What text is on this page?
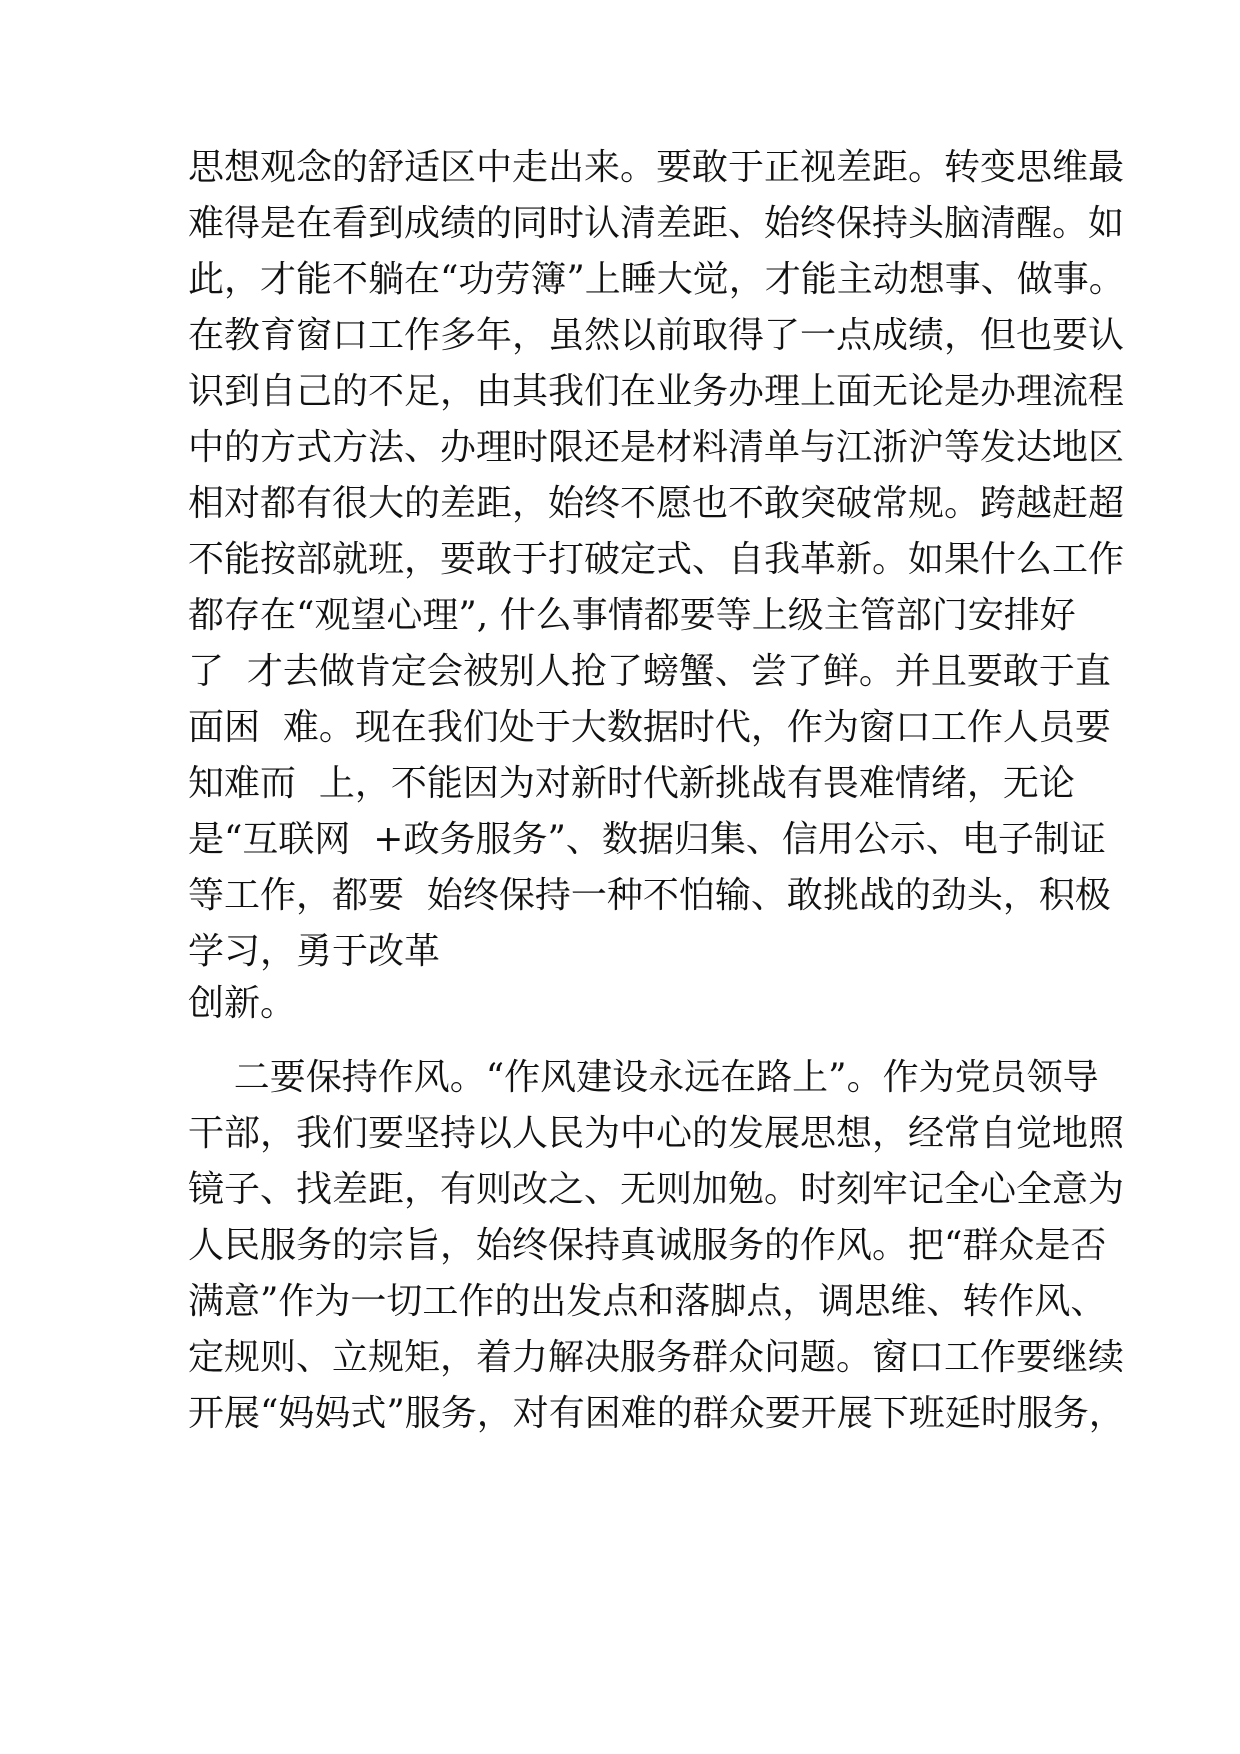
思想观念的舒适区中走出来。要敢于正视差距。转变思维最
难得是在看到成绩的同时认清差距、始终保持头脑清醒。如
此，才能不躺在“功劳簿”上睡大觉，才能主动想事、做事。
在教育窗口工作多年，虽然以前取得了一点成绩，但也要认
识到自己的不足，由其我们在业务办理上面无论是办理流程
中的方式方法、办理时限还是材料清单与江浙沪等发达地区
相对都有很大的差距，始终不愿也不敢突破常规。跨越赶超
不能按部就班，要敢于打破定式、自我革新。如果什么工作
都存在“观望心理”, 什么事情都要等上级主管部门安排好
了  才去做肯定会被别人抢了螃蟹、尝了鲜。并且要敢于直
面困  难。现在我们处于大数据时代，作为窗口工作人员要
知难而  上，不能因为对新时代新挑战有畏难情绪，无论
是“互联网  +政务服务”、数据归集、信用公示、电子制证
等工作，都要  始终保持一种不怕输、敢挑战的劲头，积极
学习，勇于改革
创新。
二要保持作风。“作风建设永远在路上”。作为党员领导
干部，我们要坚持以人民为中心的发展思想，经常自觉地照
镜子、找差距，有则改之、无则加勉。时刻牢记全心全意为
人民服务的宗旨，始终保持真诚服务的作风。把“群众是否
满意”作为一切工作的出发点和落脚点，调思维、转作风、
定规则、立规矩，着力解决服务群众问题。窗口工作要继续
开展“妈妈式”服务，对有困难的群众要开展下班延时服务，
